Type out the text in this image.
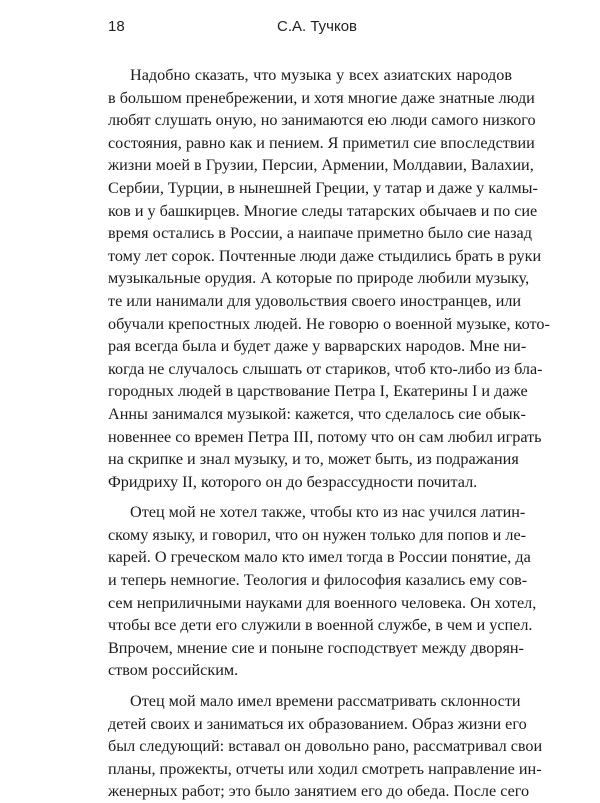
18	С.А. Тучков
Надобно сказать, что музыка у всех азиатских народов
в большом пренебрежении, и хотя многие даже знатные люди
любят слушать оную, но занимаются ею люди самого низкого
состояния, равно как и пением. Я приметил сие впоследствии
жизни моей в Грузии, Персии, Армении, Молдавии, Валахии,
Сербии, Турции, в нынешней Греции, у татар и даже у калмы-
ков и у башкирцев. Многие следы татарских обычаев и по сие
время остались в России, а наипаче приметно было сие назад
тому лет сорок. Почтенные люди даже стыдились брать в руки
музыкальные орудия. А которые по природе любили музыку,
те или нанимали для удовольствия своего иностранцев, или
обучали крепостных людей. Не говорю о военной музыке, кото-
рая всегда была и будет даже у варварских народов. Мне ни-
когда не случалось слышать от стариков, чтоб кто-либо из бла-
городных людей в царствование Петра I, Екатерины I и даже
Анны занимался музыкой: кажется, что сделалось сие обык-
новеннее со времен Петра III, потому что он сам любил играть
на скрипке и знал музыку, и то, может быть, из подражания
Фридриху II, которого он до безрассудности почитал.
Отец мой не хотел также, чтобы кто из нас учился латин-
скому языку, и говорил, что он нужен только для попов и ле-
карей. О греческом мало кто имел тогда в России понятие, да
и теперь немногие. Теология и философия казались ему сов-
сем неприличными науками для военного человека. Он хотел,
чтобы все дети его служили в военной службе, в чем и успел.
Впрочем, мнение сие и поныне господствует между дворян-
ством российским.
Отец мой мало имел времени рассматривать склонности
детей своих и заниматься их образованием. Образ жизни его
был следующий: вставал он довольно рано, рассматривал свои
планы, прожекты, отчеты или ходил смотреть направление ин-
женерных работ; это было занятием его до обеда. После сего
